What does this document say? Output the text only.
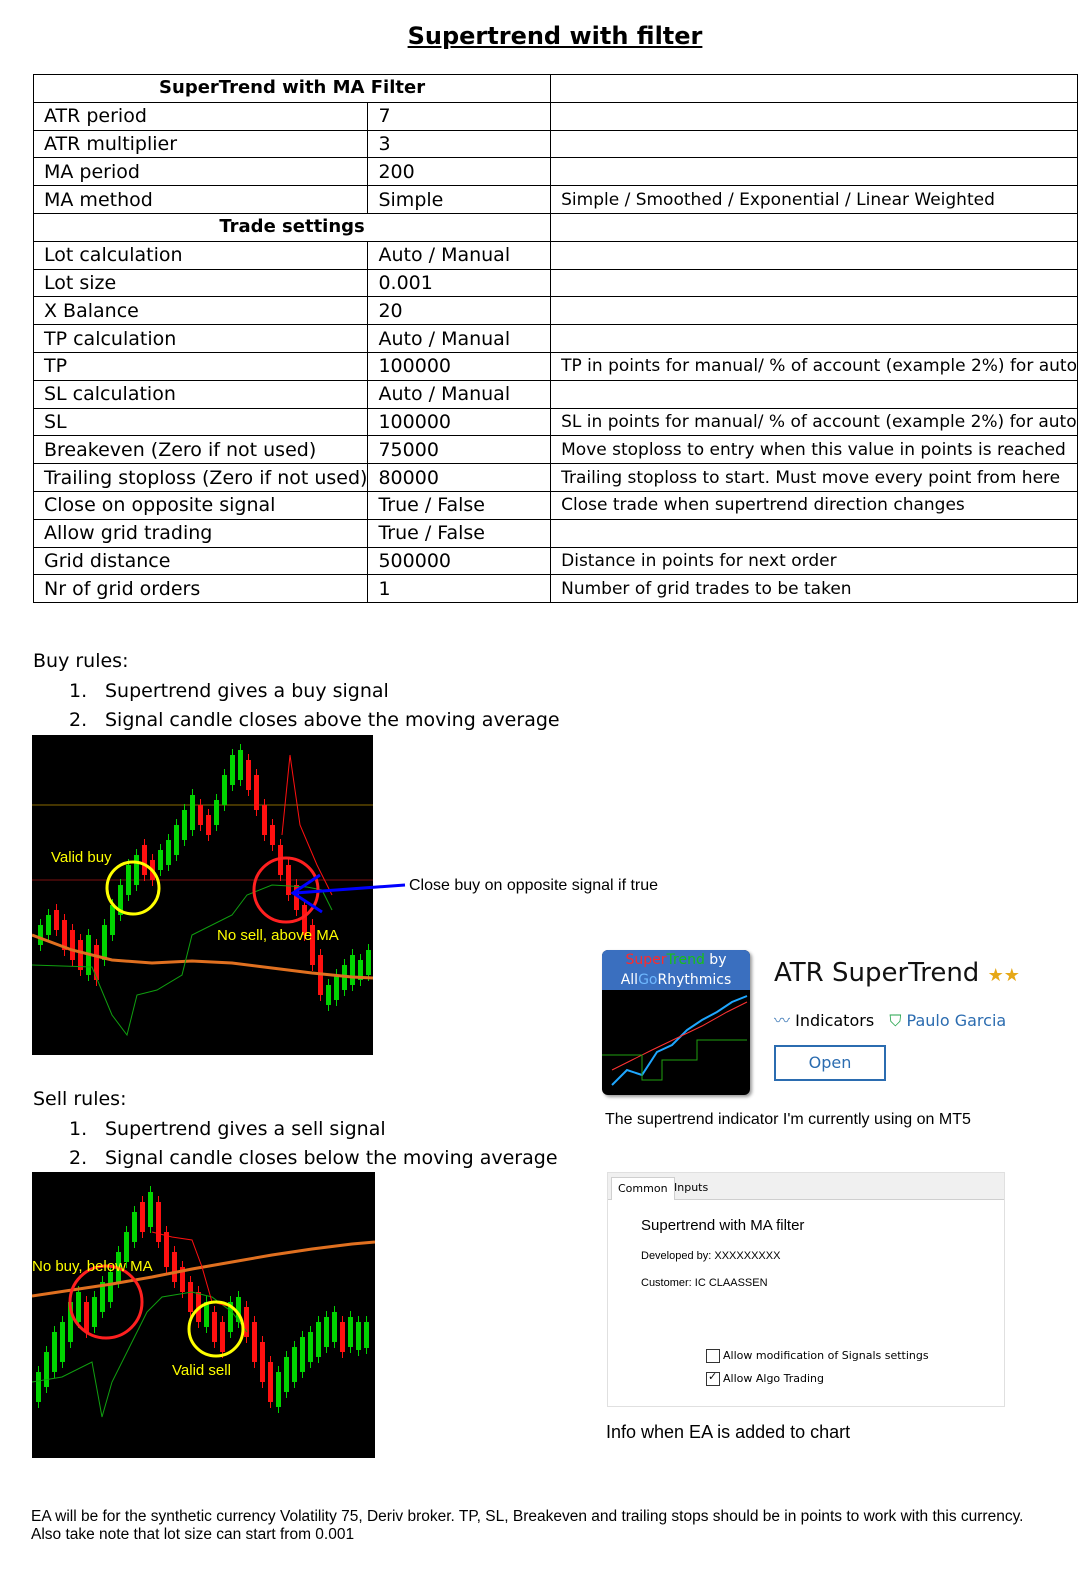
Supertrend with filter
SuperTrend with MA Filter		
ATR period	7	
ATR multiplier	3	
MA period	200	
MA method	Simple	Simple / Smoothed / Exponential / Linear Weighted
Trade settings		
Lot calculation	Auto / Manual	
Lot size	0.001	
X Balance	20	
TP calculation	Auto / Manual	
TP	100000	TP in points for manual/ % of account (example 2%) for auto
SL calculation	Auto / Manual	
SL	100000	SL in points for manual/ % of account (example 2%) for auto
Breakeven (Zero if not used)	75000	Move stoploss to entry when this value in points is reached
Trailing stoploss (Zero if not used)	80000	Trailing stoploss to start. Must move every point from here
Close on opposite signal	True / False	Close trade when supertrend direction changes
Allow grid trading	True / False	
Grid distance	500000	Distance in points for next order
Nr of grid orders	1	Number of grid trades to be taken
Buy rules:
1. Supertrend gives a buy signal
2. Signal candle closes above the moving average
Valid buy
No sell, above MA
Close buy on opposite signal if true
Sell rules:
1. Supertrend gives a sell signal
2. Signal candle closes below the moving average
No buy, below MA
Valid sell
SuperTrend by
AllGoRhythmics	ATR SuperTrend ★★
〰 Indicators ⛉ Paulo Garcia
Open
The supertrend indicator I'm currently using on MT5
Common Inputs
Supertrend with MA filter
Developed by: XXXXXXXXX
Customer: IC CLAASSEN
Allow modification of Signals settings
✓ Allow Algo Trading
Info when EA is added to chart
EA will be for the synthetic currency Volatility 75, Deriv broker. TP, SL, Breakeven and trailing stops should be in points to work with this currency.
Also take note that lot size can start from 0.001
